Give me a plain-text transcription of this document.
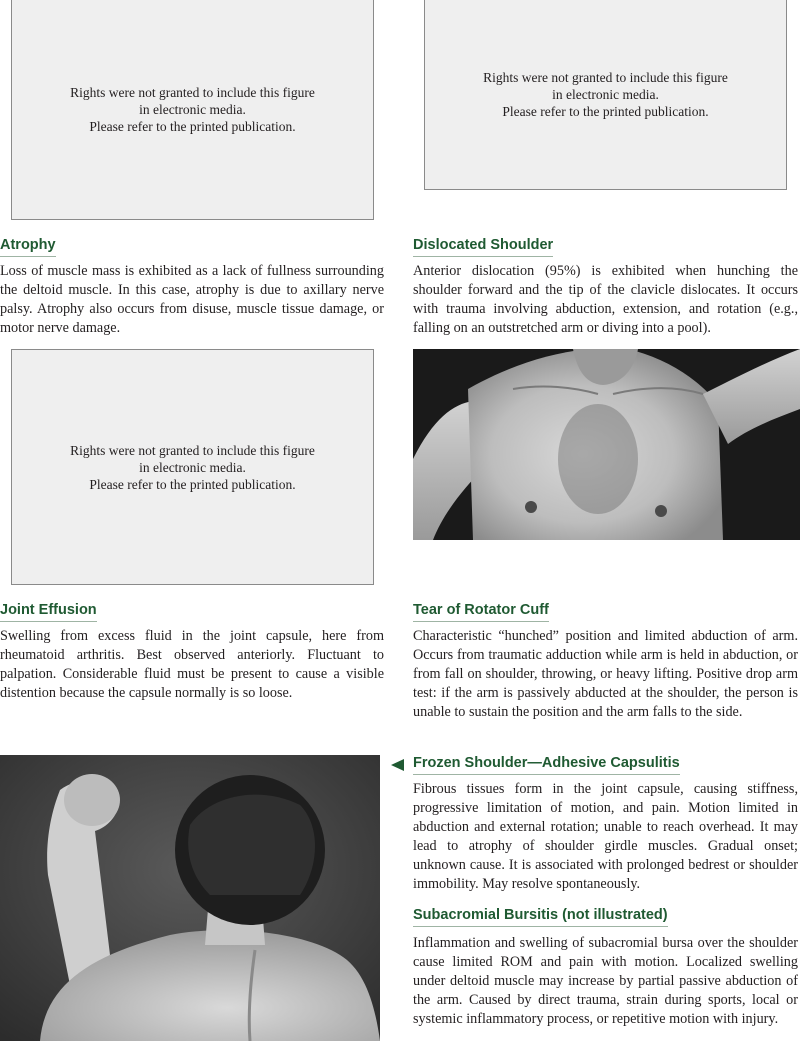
Rights were not granted to include this figure
in electronic media.
Please refer to the printed publication.
Rights were not granted to include this figure
in electronic media.
Please refer to the printed publication.
Rights were not granted to include this figure
in electronic media.
Please refer to the printed publication.
Atrophy
Loss of muscle mass is exhibited as a lack of fullness surrounding the deltoid muscle. In this case, atrophy is due to axillary nerve palsy. Atrophy also occurs from disuse, muscle tissue damage, or motor nerve damage.
Joint Effusion
Swelling from excess fluid in the joint capsule, here from rheumatoid arthritis. Best observed anteriorly. Fluctuant to palpation. Considerable fluid must be present to cause a visible distention because the capsule normally is so loose.
Dislocated Shoulder
Anterior dislocation (95%) is exhibited when hunching the shoulder forward and the tip of the clavicle dislocates. It occurs with trauma involving abduction, extension, and rotation (e.g., falling on an outstretched arm or diving into a pool).
Tear of Rotator Cuff
Characteristic “hunched” position and limited abduction of arm. Occurs from traumatic adduction while arm is held in abduction, or from fall on shoulder, throwing, or heavy lifting. Positive drop arm test: if the arm is passively abducted at the shoulder, the person is unable to sustain the position and the arm falls to the side.
Frozen Shoulder—Adhesive Capsulitis
Fibrous tissues form in the joint capsule, causing stiffness, progressive limitation of motion, and pain. Motion limited in abduction and external rotation; unable to reach overhead. It may lead to atrophy of shoulder girdle muscles. Gradual onset; unknown cause. It is associated with prolonged bedrest or shoulder immobility. May resolve spontaneously.
Subacromial Bursitis (not illustrated)
Inflammation and swelling of subacromial bursa over the shoulder cause limited ROM and pain with motion. Localized swelling under deltoid muscle may increase by partial passive abduction of the arm. Caused by direct trauma, strain during sports, local or systemic inflammatory process, or repetitive motion with injury.
